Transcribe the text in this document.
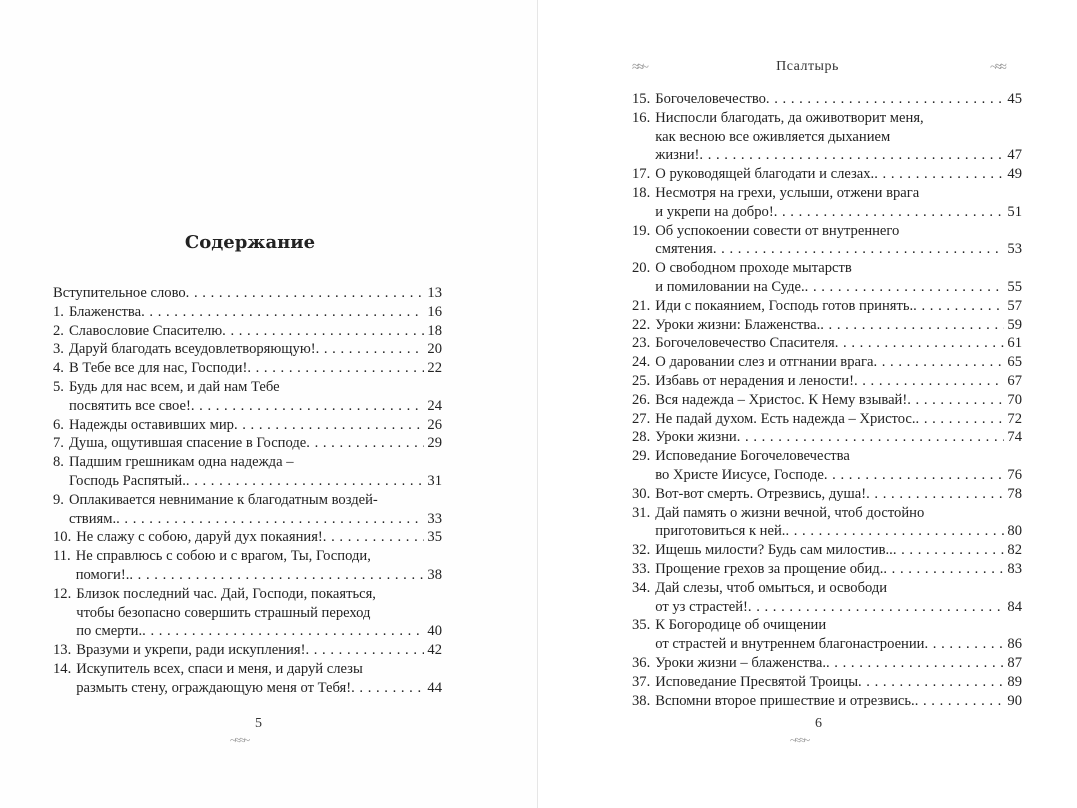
Содержание
Вступительное слово . . .	13
1. Блаженства . . .	16
2. Славословие Спасителю . . .	18
3. Даруй благодать всеудовлетворяющую! . . .	20
4. В Тебе все для нас, Господи! . . .	22
5. Будь для нас всем, и дай нам Тебе
посвятить все свое! . . .	24
6. Надежды оставивших мир . . .	26
7. Душа, ощутившая спасение в Господе . . .	29
8. Падшим грешникам одна надежда –
Господь Распятый. . . .	31
9. Оплакивается невнимание к благодатным воздей-
ствиям. . . .	33
10. Не слажу с собою, даруй дух покаяния! . . .	35
11. Не справлюсь с собою и с врагом, Ты, Господи,
помоги!. . . .	38
12. Близок последний час. Дай, Господи, покаяться,
чтобы безопасно совершить страшный переход
по смерти. . . .	40
13. Вразуми и укрепи, ради искупления! . . .	42
14. Искупитель всех, спаси и меня, и даруй слезы
размыть стену, ограждающую меня от Тебя! . . .	44
5
~≈≈~
≈≈~	Псалтырь	~≈≈
15. Богочеловечество . . .	45
16. Ниспосли благодать, да оживотворит меня,
как весною все оживляется дыханием
жизни! . . .	47
17. О руководящей благодати и слезах. . . .	49
18. Несмотря на грехи, услыши, отжени врага
и укрепи на добро! . . .	51
19. Об успокоении совести от внутреннего
смятения . . .	53
20. О свободном проходе мытарств
и помиловании на Суде. . . .	55
21. Иди с покаянием, Господь готов принять. . . .	57
22. Уроки жизни: Блаженства. . . .	59
23. Богочеловечество Спасителя . . .	61
24. О даровании слез и отгнании врага . . .	65
25. Избавь от нерадения и лености! . . .	67
26. Вся надежда – Христос. К Нему взывай! . . .	70
27. Не падай духом. Есть надежда – Христос. . . .	72
28. Уроки жизни . . .	74
29. Исповедание Богочеловечества
во Христе Иисусе, Господе . . .	76
30. Вот-вот смерть. Отрезвись, душа! . . .	78
31. Дай память о жизни вечной, чтоб достойно
приготовиться к ней. . . .	80
32. Ищешь милости? Будь сам милостив.. . . .	82
33. Прощение грехов за прощение обид. . . .	83
34. Дай слезы, чтоб омыться, и освободи
от уз страстей! . . .	84
35. К Богородице об очищении
от страстей и внутреннем благонастроении . . .	86
36. Уроки жизни – блаженства. . . .	87
37. Исповедание Пресвятой Троицы . . .	89
38. Вспомни второе пришествие и отрезвись. . . .	90
6
~≈≈~
